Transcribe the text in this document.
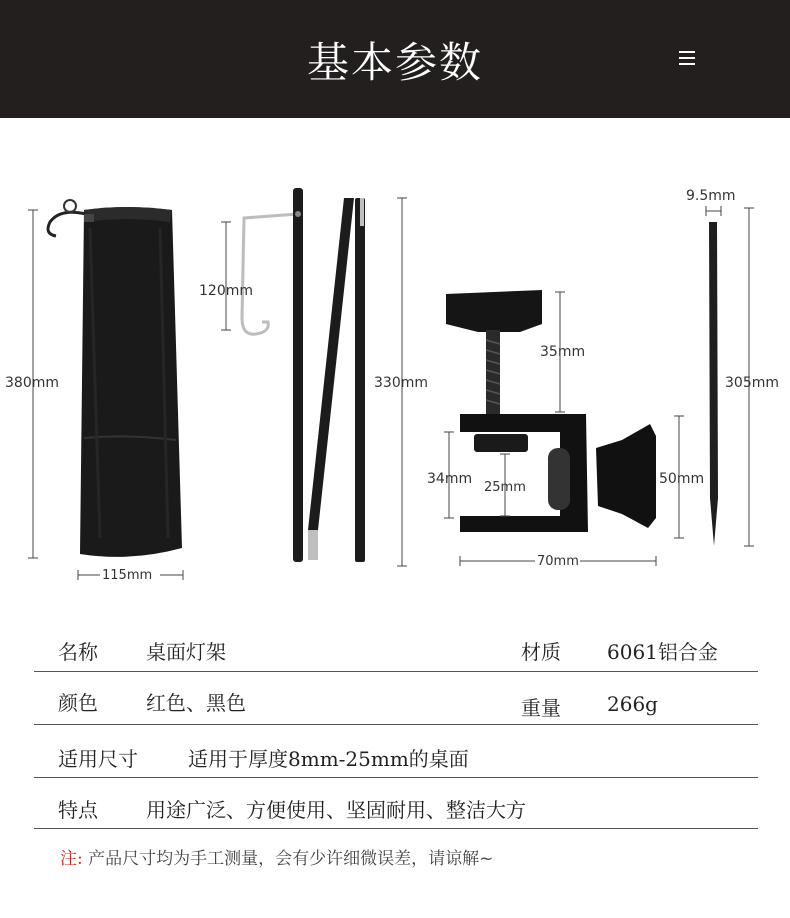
基本参数
380mm
115mm
120mm
330mm
35mm
34mm
25mm
50mm
70mm
9.5mm
305mm
名称 桌面灯架	材质 6061铝合金
颜色 红色、黑色	重量 266g
适用尺寸	适用于厚度8mm-25mm的桌面
特点 用途广泛、方便使用、坚固耐用、整洁大方
注: 产品尺寸均为手工测量，会有少许细微误差，请谅解~
